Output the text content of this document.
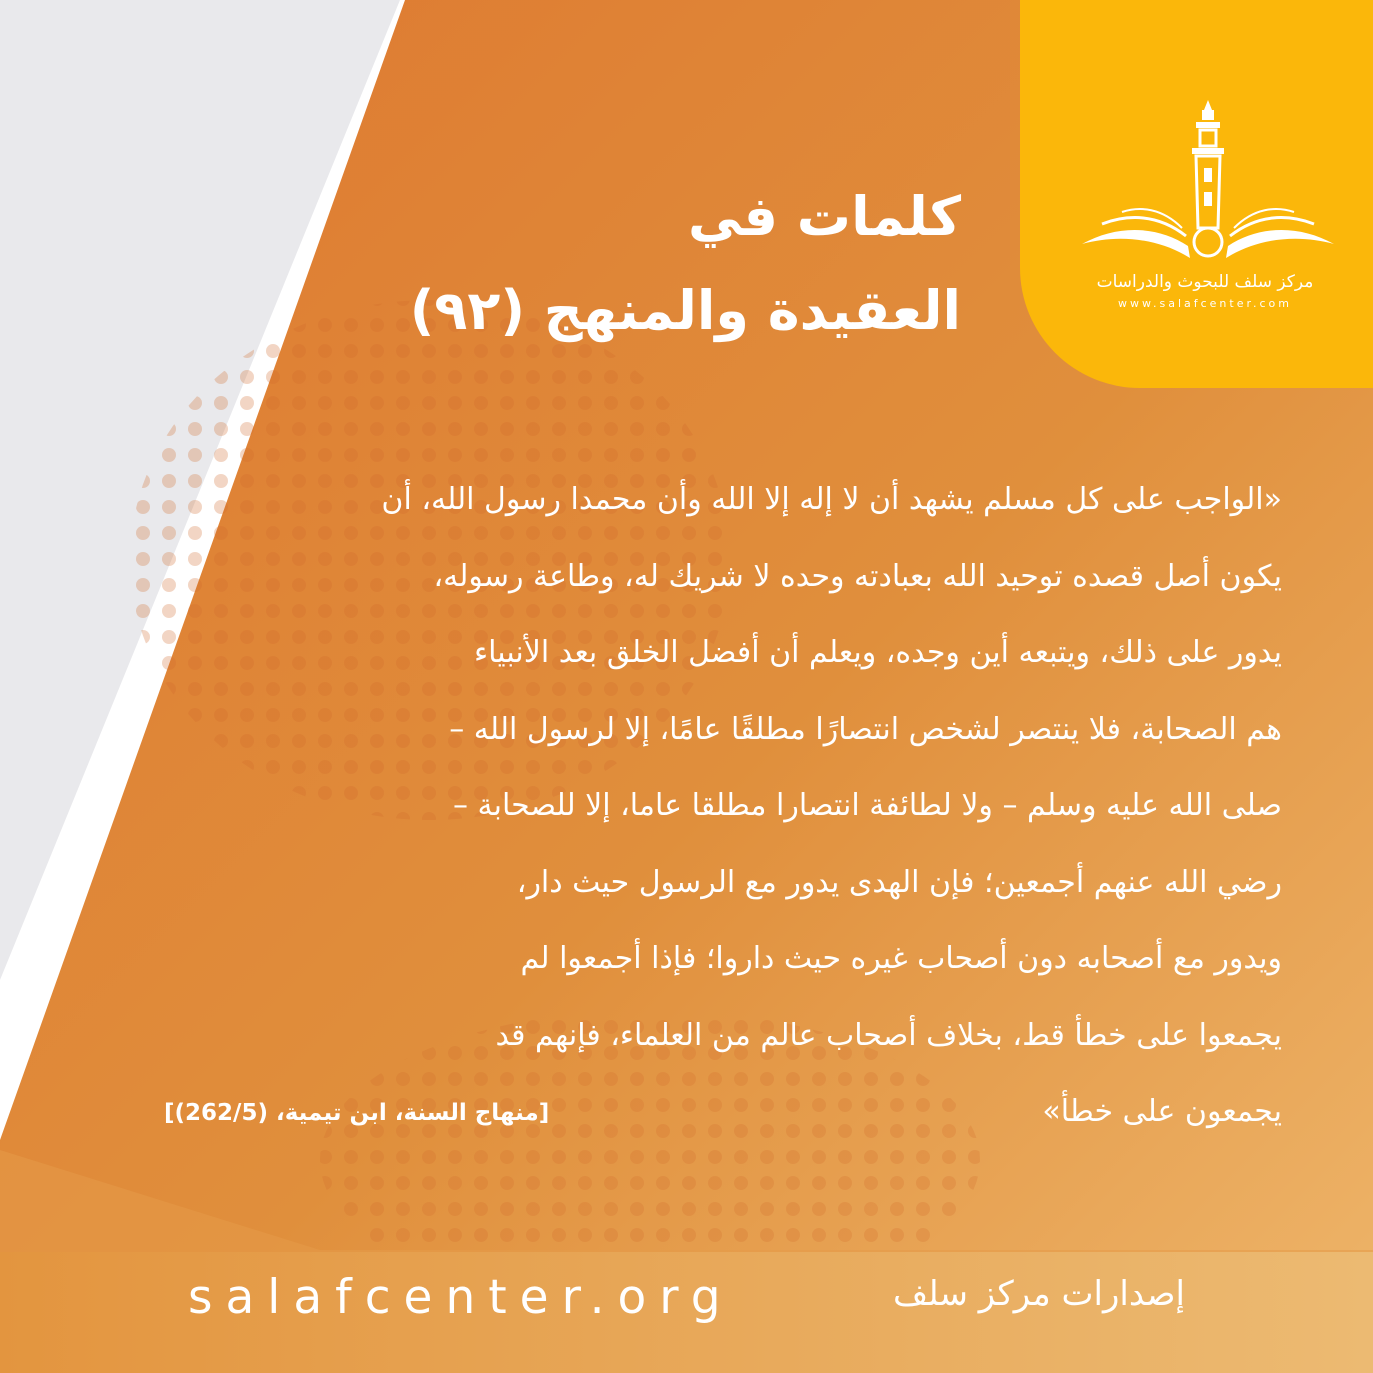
مركز سلف للبحوث والدراسات
www.salafcenter.com
كلمات في
العقيدة والمنهج (٩٢)
«الواجب على كل مسلم يشهد أن لا إله إلا الله وأن محمدا رسول الله، أن
يكون أصل قصده توحيد الله بعبادته وحده لا شريك له، وطاعة رسوله،
يدور على ذلك، ويتبعه أين وجده، ويعلم أن أفضل الخلق بعد الأنبياء
هم الصحابة، فلا ينتصر لشخص انتصارًا مطلقًا عامًا، إلا لرسول الله –
صلى الله عليه وسلم – ولا لطائفة انتصارا مطلقا عاما، إلا للصحابة –
رضي الله عنهم أجمعين؛ فإن الهدى يدور مع الرسول حيث دار،
ويدور مع أصحابه دون أصحاب غيره حيث داروا؛ فإذا أجمعوا لم
يجمعوا على خطأ قط، بخلاف أصحاب عالم من العلماء، فإنهم قد
يجمعون على خطأ»
[منهاج السنة، ابن تيمية، (262/5)]
salafcenter.org	إصدارات مركز سلف
